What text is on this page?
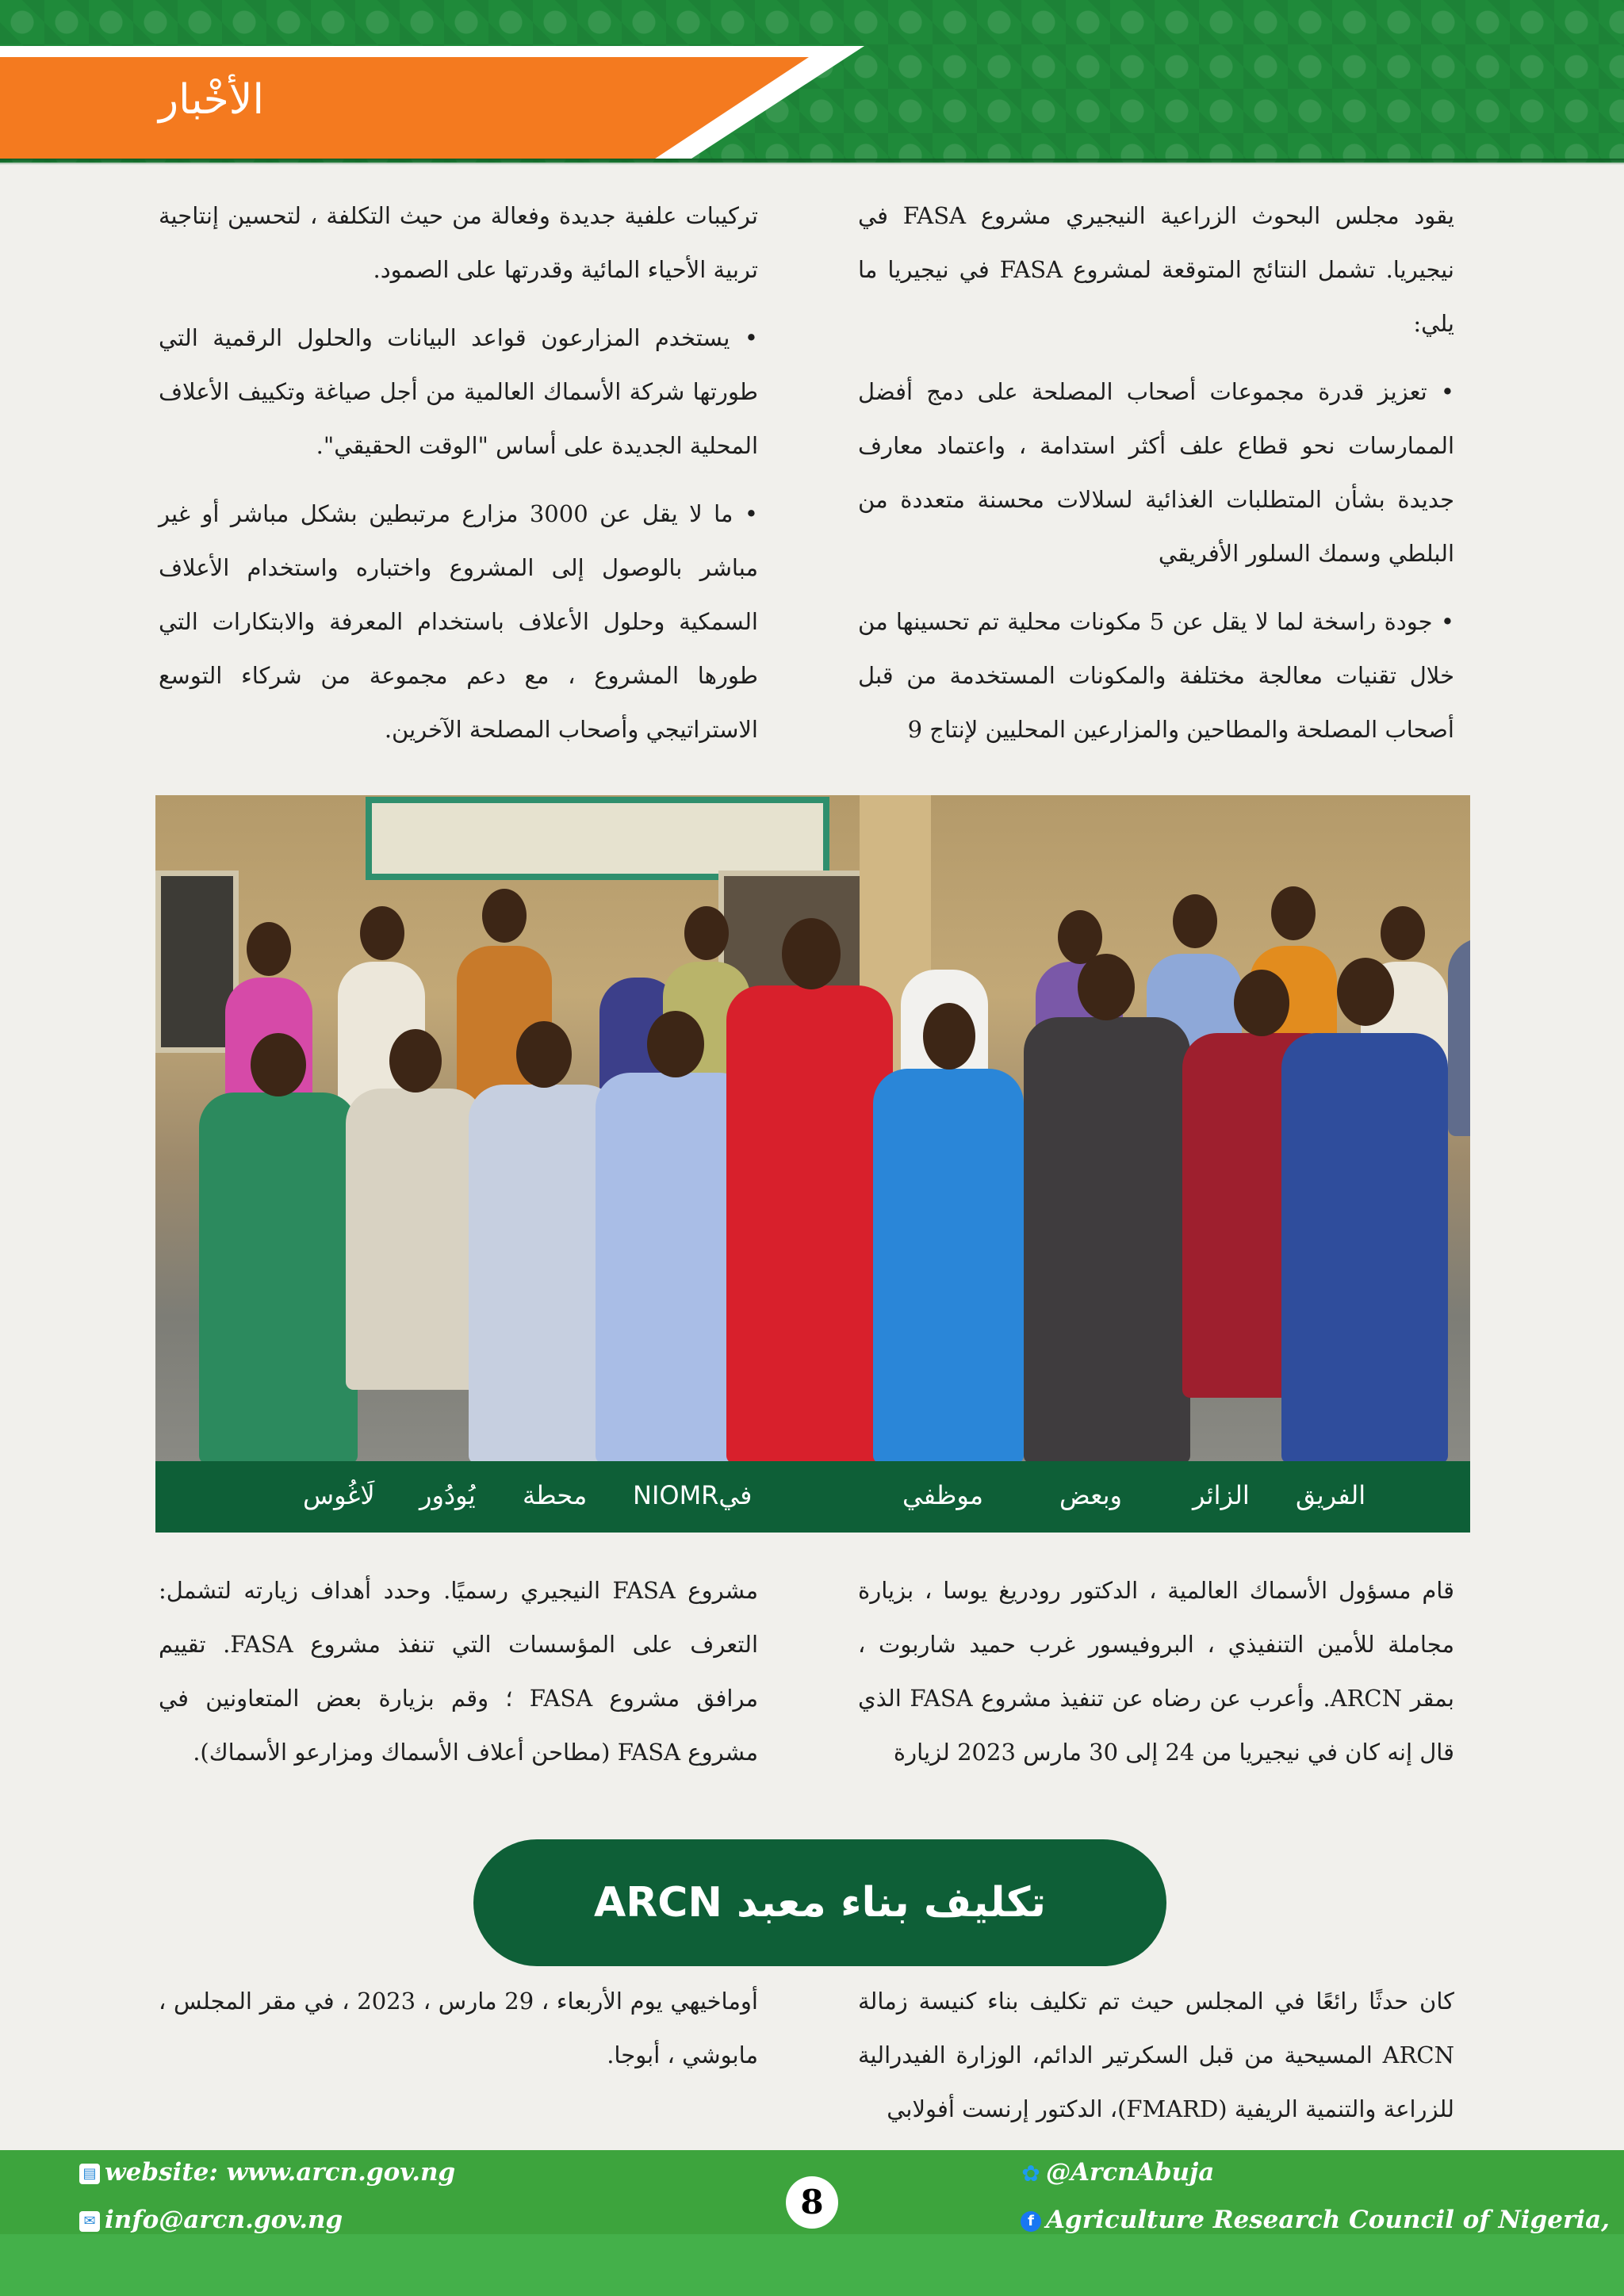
الأخْبار

يقود مجلس البحوث الزراعية النيجيري مشروع FASA في نيجيريا. تشمل النتائج المتوقعة لمشروع FASA في نيجيريا ما يلي:

• تعزيز قدرة مجموعات أصحاب المصلحة على دمج أفضل الممارسات نحو قطاع علف أكثر استدامة ، واعتماد معارف جديدة بشأن المتطلبات الغذائية لسلالات محسنة متعددة من البلطي وسمك السلور الأفريقي

• جودة راسخة لما لا يقل عن 5 مكونات محلية تم تحسينها من خلال تقنيات معالجة مختلفة والمكونات المستخدمة من قبل أصحاب المصلحة والمطاحين والمزارعين المحليين لإنتاج 9

تركيبات علفية جديدة وفعالة من حيث التكلفة ، لتحسين إنتاجية تربية الأحياء المائية وقدرتها على الصمود.

• يستخدم المزارعون قواعد البيانات والحلول الرقمية التي طورتها شركة الأسماك العالمية من أجل صياغة وتكييف الأعلاف المحلية الجديدة على أساس "الوقت الحقيقي".

• ما لا يقل عن 3000 مزارع مرتبطين بشكل مباشر أو غير مباشر بالوصول إلى المشروع واختباره واستخدام الأعلاف السمكية وحلول الأعلاف باستخدام المعرفة والابتكارات التي طورها المشروع ، مع دعم مجموعة من شركاء التوسع الاستراتيجي وأصحاب المصلحة الآخرين.

الفريق
الزائر
وبعض
موظفي
فيNIOMR
محطة
يُودُور
لَاغُوس

قام مسؤول الأسماك العالمية ، الدكتور رودريغ يوسا ، بزيارة مجاملة للأمين التنفيذي ، البروفيسور غرب حميد شاربوت ، بمقر ARCN. وأعرب عن رضاه عن تنفيذ مشروع FASA الذي قال إنه كان في نيجيريا من 24 إلى 30 مارس 2023 لزيارة

مشروع FASA النيجيري رسميًا. وحدد أهداف زيارته لتشمل: التعرف على المؤسسات التي تنفذ مشروع FASA. تقييم مرافق مشروع FASA ؛ وقم بزيارة بعض المتعاونين في مشروع FASA (مطاحن أعلاف الأسماك ومزارعو الأسماك).

تكليف بناء معبد ARCN

كان حدثًا رائعًا في المجلس حيث تم تكليف بناء كنيسة زمالة ARCN المسيحية من قبل السكرتير الدائم، الوزارة الفيدرالية للزراعة والتنمية الريفية (FMARD)، الدكتور إرنست أفولابي

أوماخيهي يوم الأربعاء ، 29 مارس ، 2023 ، في مقر المجلس ، مابوشي ، أبوجا.

▤ website: www.arcn.gov.ng
✉ info@arcn.gov.ng	8
✿ @ArcnAbuja
f Agriculture Research Council of Nigeria,
